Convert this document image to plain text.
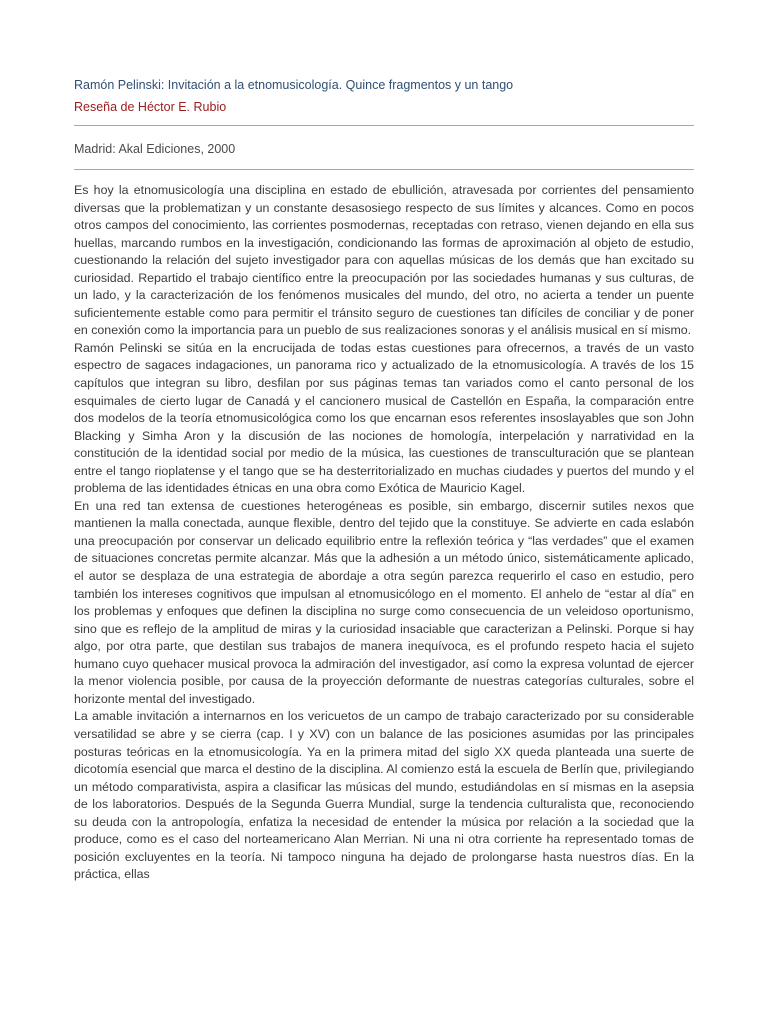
Ramón Pelinski: Invitación a la etnomusicología. Quince fragmentos y un tango
Reseña de Héctor E. Rubio
Madrid: Akal Ediciones, 2000

Es hoy la etnomusicología una disciplina en estado de ebullición, atravesada por corrientes del pensamiento diversas que la problematizan y un constante desasosiego respecto de sus límites y alcances. Como en pocos otros campos del conocimiento, las corrientes posmodernas, receptadas con retraso, vienen dejando en ella sus huellas, marcando rumbos en la investigación, condicionando las formas de aproximación al objeto de estudio, cuestionando la relación del sujeto investigador para con aquellas músicas de los demás que han excitado su curiosidad. Repartido el trabajo científico entre la preocupación por las sociedades humanas y sus culturas, de un lado, y la caracterización de los fenómenos musicales del mundo, del otro, no acierta a tender un puente suficientemente estable como para permitir el tránsito seguro de cuestiones tan difíciles de conciliar y de poner en conexión como la importancia para un pueblo de sus realizaciones sonoras y el análisis musical en sí mismo.

Ramón Pelinski se sitúa en la encrucijada de todas estas cuestiones para ofrecernos, a través de un vasto espectro de sagaces indagaciones, un panorama rico y actualizado de la etnomusicología. A través de los 15 capítulos que integran su libro, desfilan por sus páginas temas tan variados como el canto personal de los esquimales de cierto lugar de Canadá y el cancionero musical de Castellón en España, la comparación entre dos modelos de la teoría etnomusicológica como los que encarnan esos referentes insoslayables que son John Blacking y Simha Aron y la discusión de las nociones de homología, interpelación y narratividad en la constitución de la identidad social por medio de la música, las cuestiones de transculturación que se plantean entre el tango rioplatense y el tango que se ha desterritorializado en muchas ciudades y puertos del mundo y el problema de las identidades étnicas en una obra como Exótica de Mauricio Kagel.

En una red tan extensa de cuestiones heterogéneas es posible, sin embargo, discernir sutiles nexos que mantienen la malla conectada, aunque flexible, dentro del tejido que la constituye. Se advierte en cada eslabón una preocupación por conservar un delicado equilibrio entre la reflexión teórica y “las verdades” que el examen de situaciones concretas permite alcanzar. Más que la adhesión a un método único, sistemáticamente aplicado, el autor se desplaza de una estrategia de abordaje a otra según parezca requerirlo el caso en estudio, pero también los intereses cognitivos que impulsan al etnomusicólogo en el momento. El anhelo de “estar al día” en los problemas y enfoques que definen la disciplina no surge como consecuencia de un veleidoso oportunismo, sino que es reflejo de la amplitud de miras y la curiosidad insaciable que caracterizan a Pelinski. Porque si hay algo, por otra parte, que destilan sus trabajos de manera inequívoca, es el profundo respeto hacia el sujeto humano cuyo quehacer musical provoca la admiración del investigador, así como la expresa voluntad de ejercer la menor violencia posible, por causa de la proyección deformante de nuestras categorías culturales, sobre el horizonte mental del investigado.

La amable invitación a internarnos en los vericuetos de un campo de trabajo caracterizado por su considerable versatilidad se abre y se cierra (cap. I y XV) con un balance de las posiciones asumidas por las principales posturas teóricas en la etnomusicología. Ya en la primera mitad del siglo XX queda planteada una suerte de dicotomía esencial que marca el destino de la disciplina. Al comienzo está la escuela de Berlín que, privilegiando un método comparativista, aspira a clasificar las músicas del mundo, estudiándolas en sí mismas en la asepsia de los laboratorios. Después de la Segunda Guerra Mundial, surge la tendencia culturalista que, reconociendo su deuda con la antropología, enfatiza la necesidad de entender la música por relación a la sociedad que la produce, como es el caso del norteamericano Alan Merrian. Ni una ni otra corriente ha representado tomas de posición excluyentes en la teoría. Ni tampoco ninguna ha dejado de prolongarse hasta nuestros días. En la práctica, ellas
